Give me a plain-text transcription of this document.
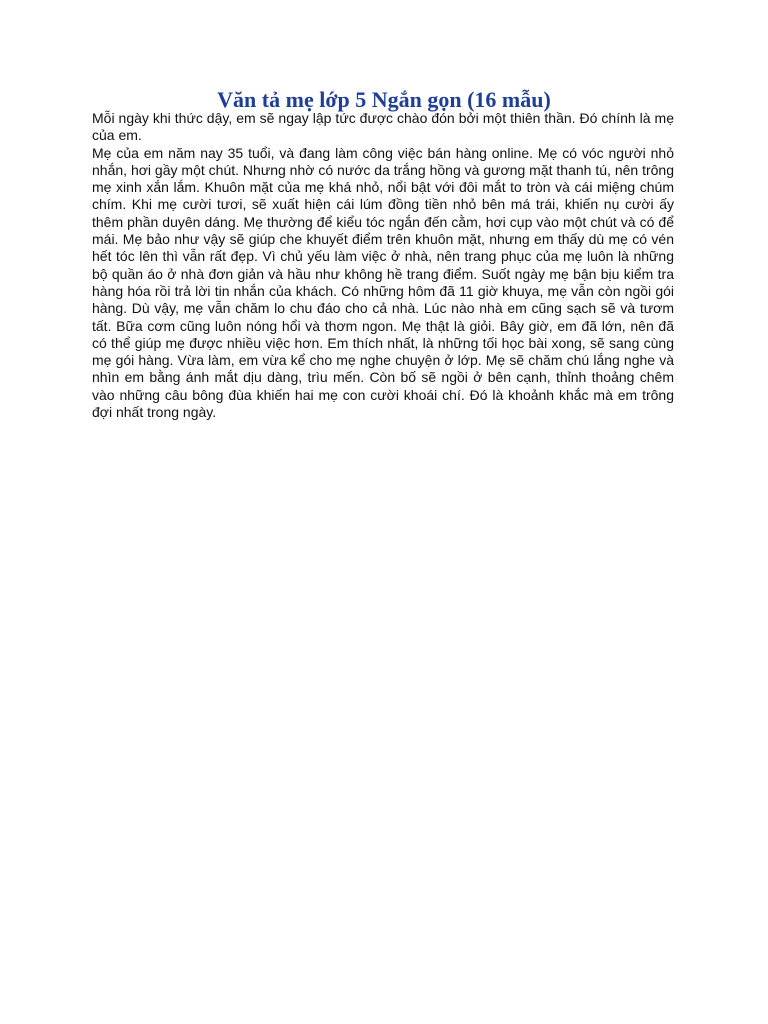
Văn tả mẹ lớp 5 Ngắn gọn (16 mẫu)

Mỗi ngày khi thức dậy, em sẽ ngay lập tức được chào đón bởi một thiên thần. Đó chính là mẹ của em.

Mẹ của em năm nay 35 tuổi, và đang làm công việc bán hàng online. Mẹ có vóc người nhỏ nhắn, hơi gầy một chút. Nhưng nhờ có nước da trắng hồng và gương mặt thanh tú, nên trông mẹ xinh xắn lắm. Khuôn mặt của mẹ khá nhỏ, nổi bật với đôi mắt to tròn và cái miệng chúm chím. Khi mẹ cười tươi, sẽ xuất hiện cái lúm đồng tiền nhỏ bên má trái, khiến nụ cười ấy thêm phần duyên dáng. Mẹ thường để kiểu tóc ngắn đến cằm, hơi cụp vào một chút và có để mái. Mẹ bảo như vậy sẽ giúp che khuyết điểm trên khuôn mặt, nhưng em thấy dù mẹ có vén hết tóc lên thì vẫn rất đẹp. Vì chủ yếu làm việc ở nhà, nên trang phục của mẹ luôn là những bộ quần áo ở nhà đơn giản và hầu như không hề trang điểm. Suốt ngày mẹ bận bịu kiểm tra hàng hóa rồi trả lời tin nhắn của khách. Có những hôm đã 11 giờ khuya, mẹ vẫn còn ngồi gói hàng. Dù vậy, mẹ vẫn chăm lo chu đáo cho cả nhà. Lúc nào nhà em cũng sạch sẽ và tươm tất. Bữa cơm cũng luôn nóng hổi và thơm ngon. Mẹ thật là giỏi. Bây giờ, em đã lớn, nên đã có thể giúp mẹ được nhiều việc hơn. Em thích nhất, là những tối học bài xong, sẽ sang cùng mẹ gói hàng. Vừa làm, em vừa kể cho mẹ nghe chuyện ở lớp. Mẹ sẽ chăm chú lắng nghe và nhìn em bằng ánh mắt dịu dàng, trìu mến. Còn bố sẽ ngồi ở bên cạnh, thỉnh thoảng chêm vào những câu bông đùa khiến hai mẹ con cười khoái chí. Đó là khoảnh khắc mà em trông đợi nhất trong ngày.
